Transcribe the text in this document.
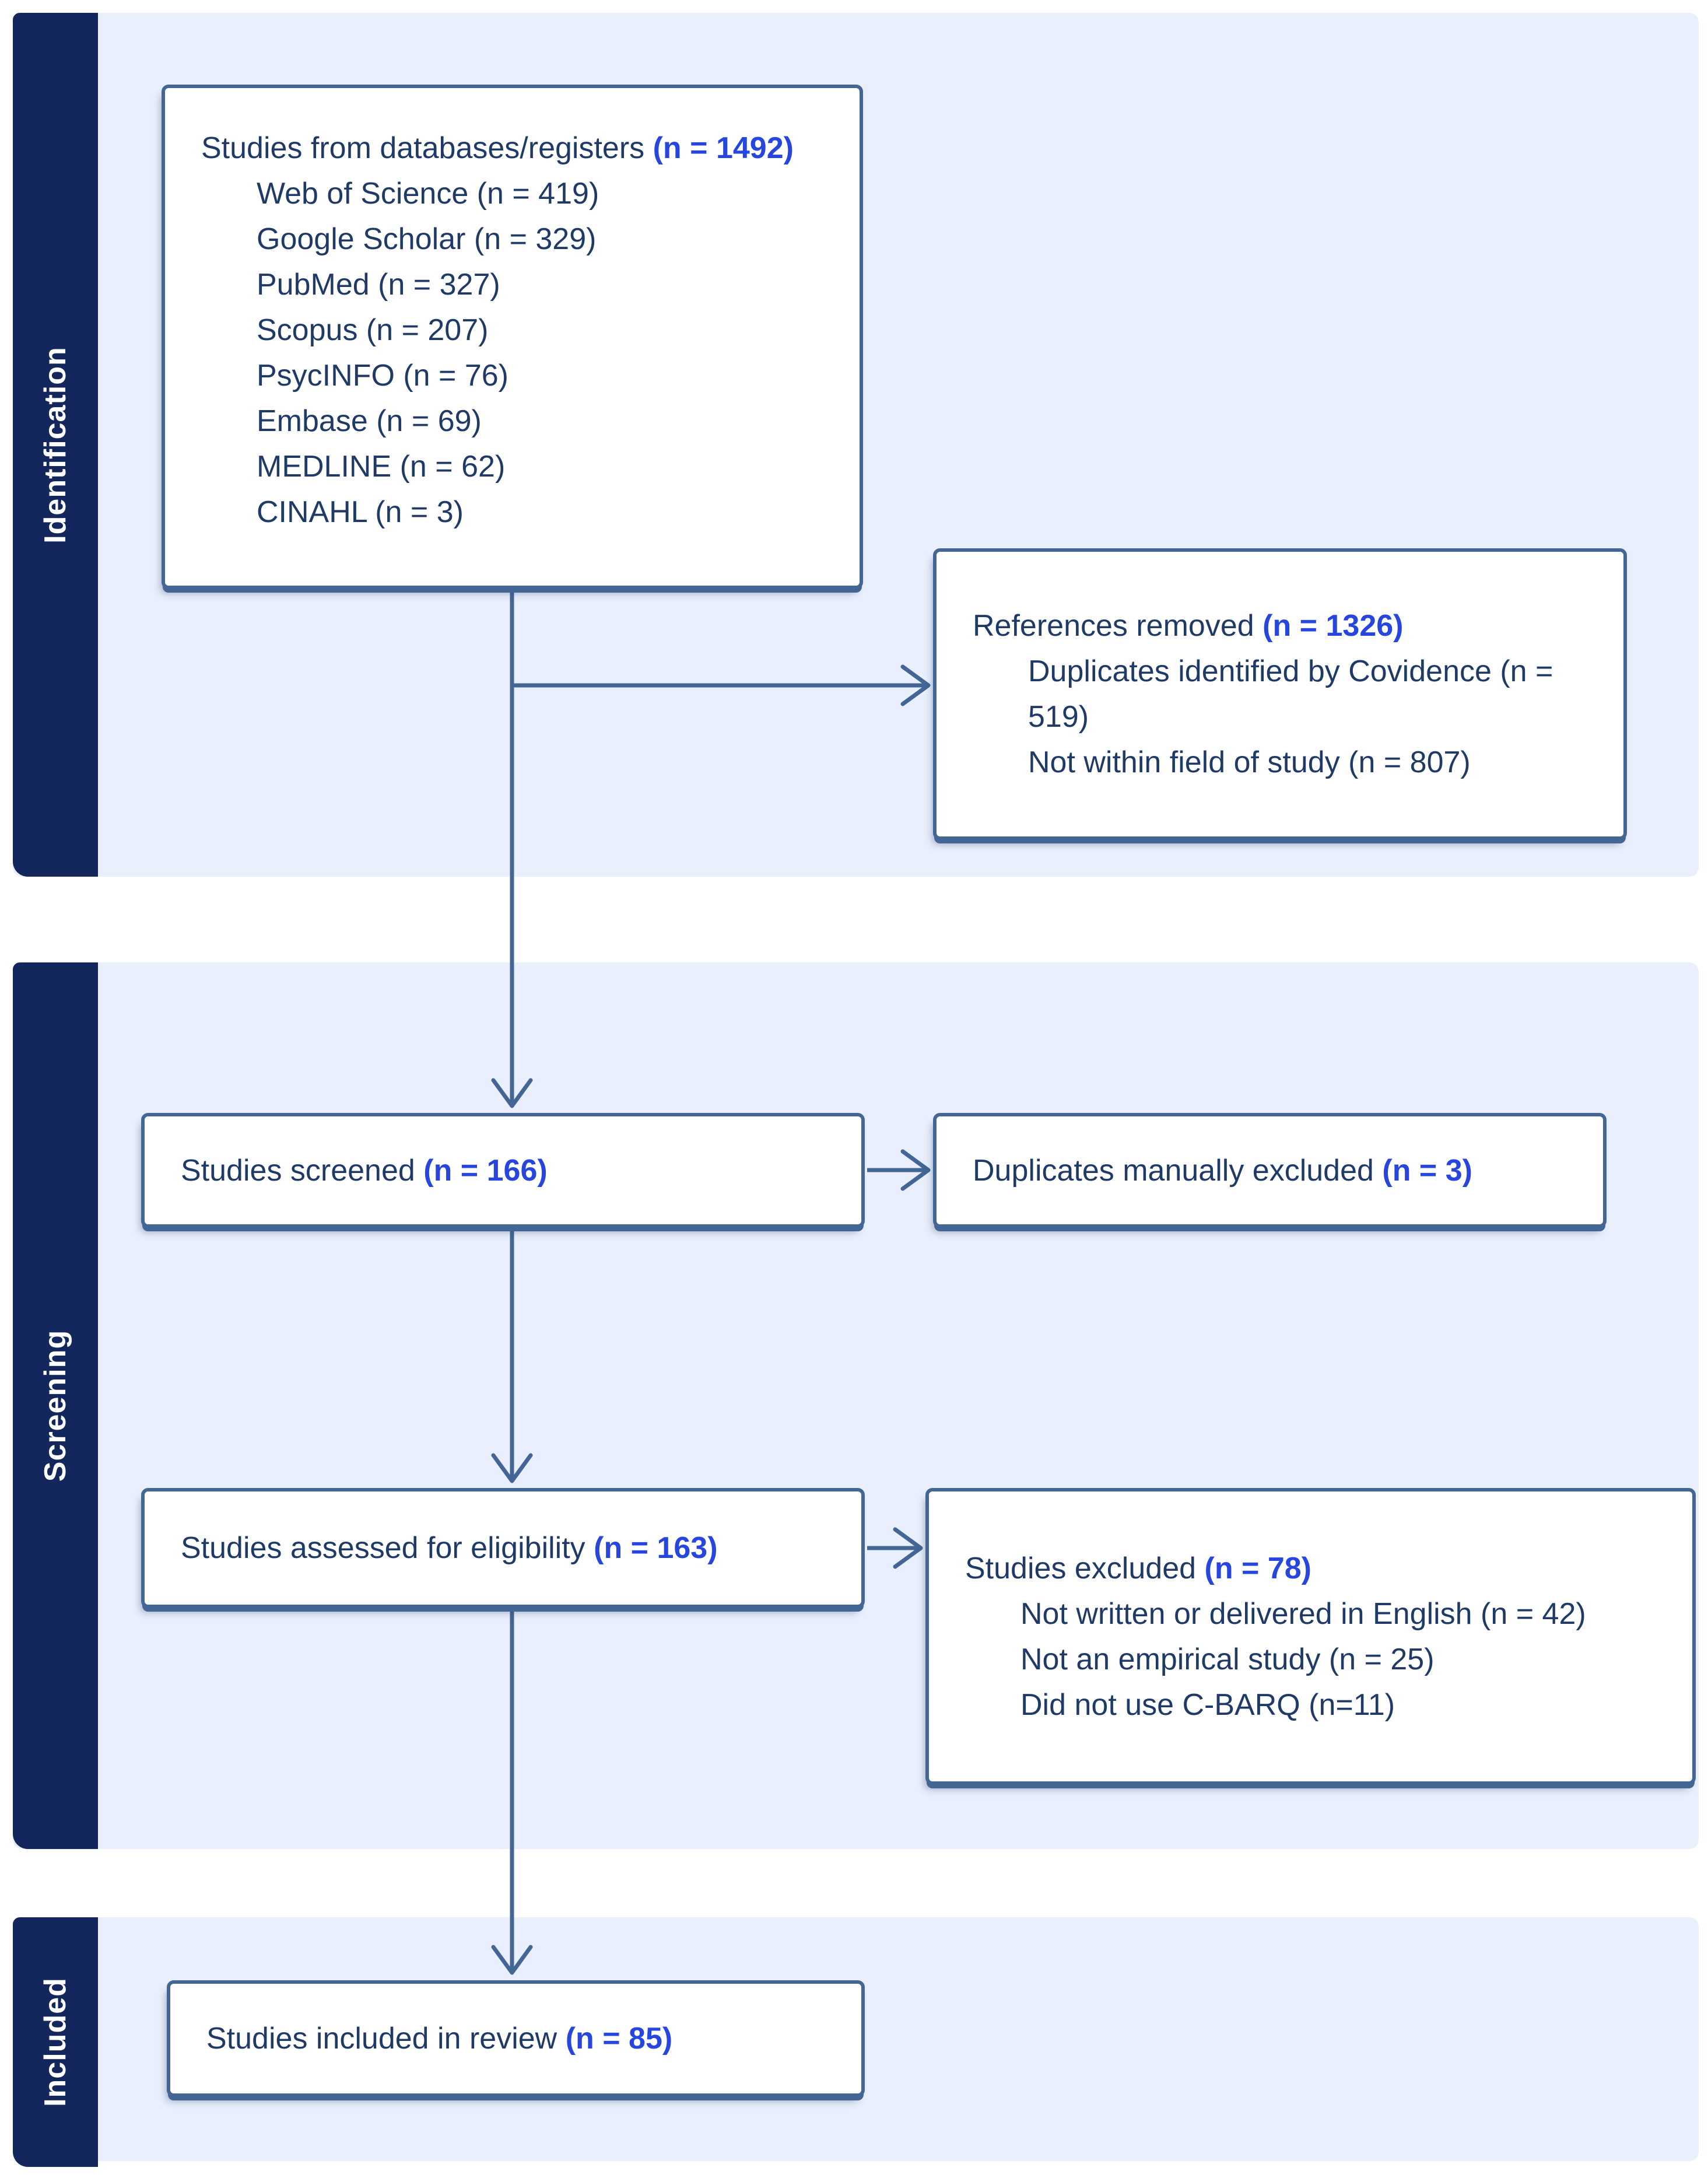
Identification
Screening
Included

Studies from databases/registers (n = 1492)

Web of Science (n = 419)
Google Scholar (n = 329)
PubMed (n = 327)
Scopus (n = 207)
PsycINFO (n = 76)
Embase (n = 69)
MEDLINE (n = 62)
CINAHL (n = 3)

References removed (n = 1326)

Duplicates identified by Covidence (n = 519)
Not within field of study (n = 807)

Studies screened (n = 166)	Duplicates manually excluded (n = 3)

Studies assessed for eligibility (n = 163)

Studies excluded (n = 78)

Not written or delivered in English (n = 42)
Not an empirical study (n = 25)
Did not use C-BARQ (n=11)

Studies included in review (n = 85)
